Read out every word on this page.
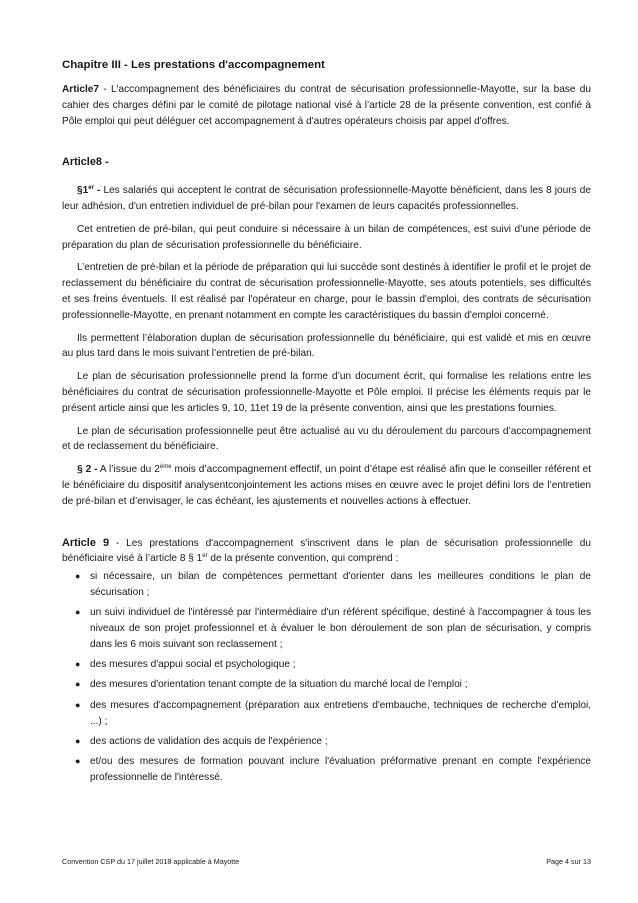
Chapitre III - Les prestations d'accompagnement

Article7 - L'accompagnement des bénéficiaires du contrat de sécurisation professionnelle-Mayotte, sur la base du cahier des charges défini par le comité de pilotage national visé à l’article 28 de la présente convention, est confié à Pôle emploi qui peut déléguer cet accompagnement à d'autres opérateurs choisis par appel d'offres.

Article8 -

§1er - Les salariés qui acceptent le contrat de sécurisation professionnelle-Mayotte bénéficient, dans les 8 jours de leur adhésion, d'un entretien individuel de pré-bilan pour l'examen de leurs capacités professionnelles.

Cet entretien de pré-bilan, qui peut conduire si nécessaire à un bilan de compétences, est suivi d’une période de préparation du plan de sécurisation professionnelle du bénéficiaire.

L’entretien de pré-bilan et la période de préparation qui lui succède sont destinés à identifier le profil et le projet de reclassement du bénéficiaire du contrat de sécurisation professionnelle-Mayotte, ses atouts potentiels, ses difficultés et ses freins éventuels. Il est réalisé par l'opérateur en charge, pour le bassin d'emploi, des contrats de sécurisation professionnelle-Mayotte, en prenant notamment en compte les caractéristiques du bassin d'emploi concerné.

Ils permettent l’élaboration duplan de sécurisation professionnelle du bénéficiaire, qui est validé et mis en œuvre au plus tard dans le mois suivant l’entretien de pré-bilan.

Le plan de sécurisation professionnelle prend la forme d’un document écrit, qui formalise les relations entre les bénéficiaires du contrat de sécurisation professionnelle-Mayotte et Pôle emploi. Il précise les éléments requis par le présent article ainsi que les articles 9, 10, 11et 19 de la présente convention, ainsi que les prestations fournies.

Le plan de sécurisation professionnelle peut être actualisé au vu du déroulement du parcours d’accompagnement et de reclassement du bénéficiaire.

§ 2 - A l’issue du 2ème mois d’accompagnement effectif, un point d’étape est réalisé afin que le conseiller référent et le bénéficiaire du dispositif analysentconjointement les actions mises en œuvre avec le projet défini lors de l’entretien de pré-bilan et d’envisager, le cas échéant, les ajustements et nouvelles actions à effectuer.

Article 9 - Les prestations d'accompagnement s'inscrivent dans le plan de sécurisation professionnelle du bénéficiaire visé à l’article 8 § 1er de la présente convention, qui comprend :

● si nécessaire, un bilan de compétences permettant d'orienter dans les meilleures conditions le plan de sécurisation ;
● un suivi individuel de l'intéressé par l'intermédiaire d'un référent spécifique, destiné à l'accompagner à tous les niveaux de son projet professionnel et à évaluer le bon déroulement de son plan de sécurisation, y compris dans les 6 mois suivant son reclassement ;
● des mesures d'appui social et psychologique ;
● des mesures d'orientation tenant compte de la situation du marché local de l'emploi ;
● des mesures d'accompagnement (préparation aux entretiens d'embauche, techniques de recherche d'emploi, ...) ;
● des actions de validation des acquis de l'expérience ;
● et/ou des mesures de formation pouvant inclure l'évaluation préformative prenant en compte l'expérience professionnelle de l'intéressé.
Convention CSP du 17 juillet 2018 applicable à Mayotte	Page 4 sur 13
